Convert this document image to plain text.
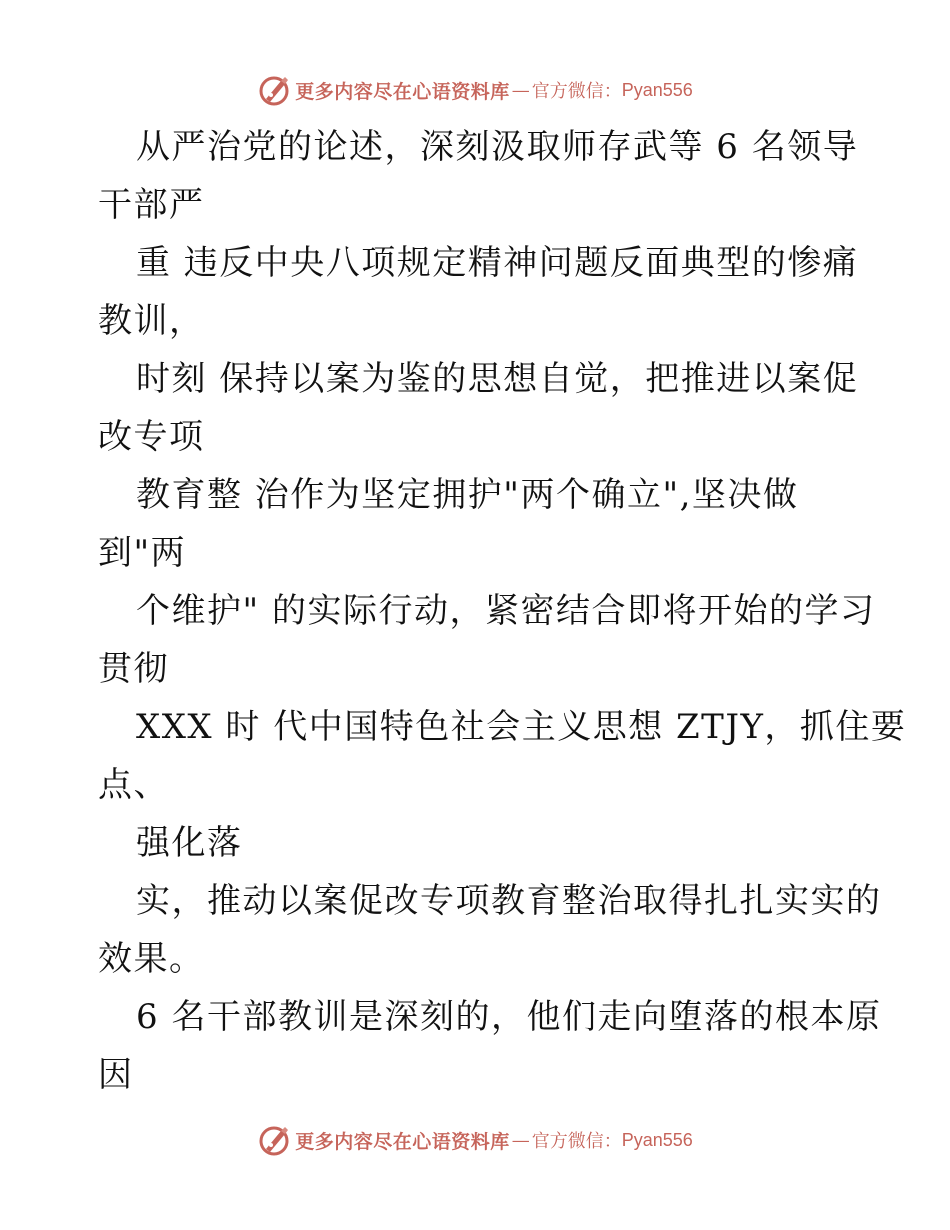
更多内容尽在心语资料库 — 官方微信： Pyan556
从严治党的论述，深刻汲取师存武等 6 名领导
干部严
重 违反中央八项规定精神问题反面典型的惨痛
教训，
时刻 保持以案为鉴的思想自觉，把推进以案促
改专项
教育整 治作为坚定拥护"两个确立",坚决做
到"两
个维护" 的实际行动，紧密结合即将开始的学习
贯彻
XXX 时 代中国特色社会主义思想 ZTJY，抓住要
点、
强化落
实，推动以案促改专项教育整治取得扎扎实实的
效果。
6 名干部教训是深刻的，他们走向堕落的根本原
因
更多内容尽在心语资料库 — 官方微信： Pyan556
